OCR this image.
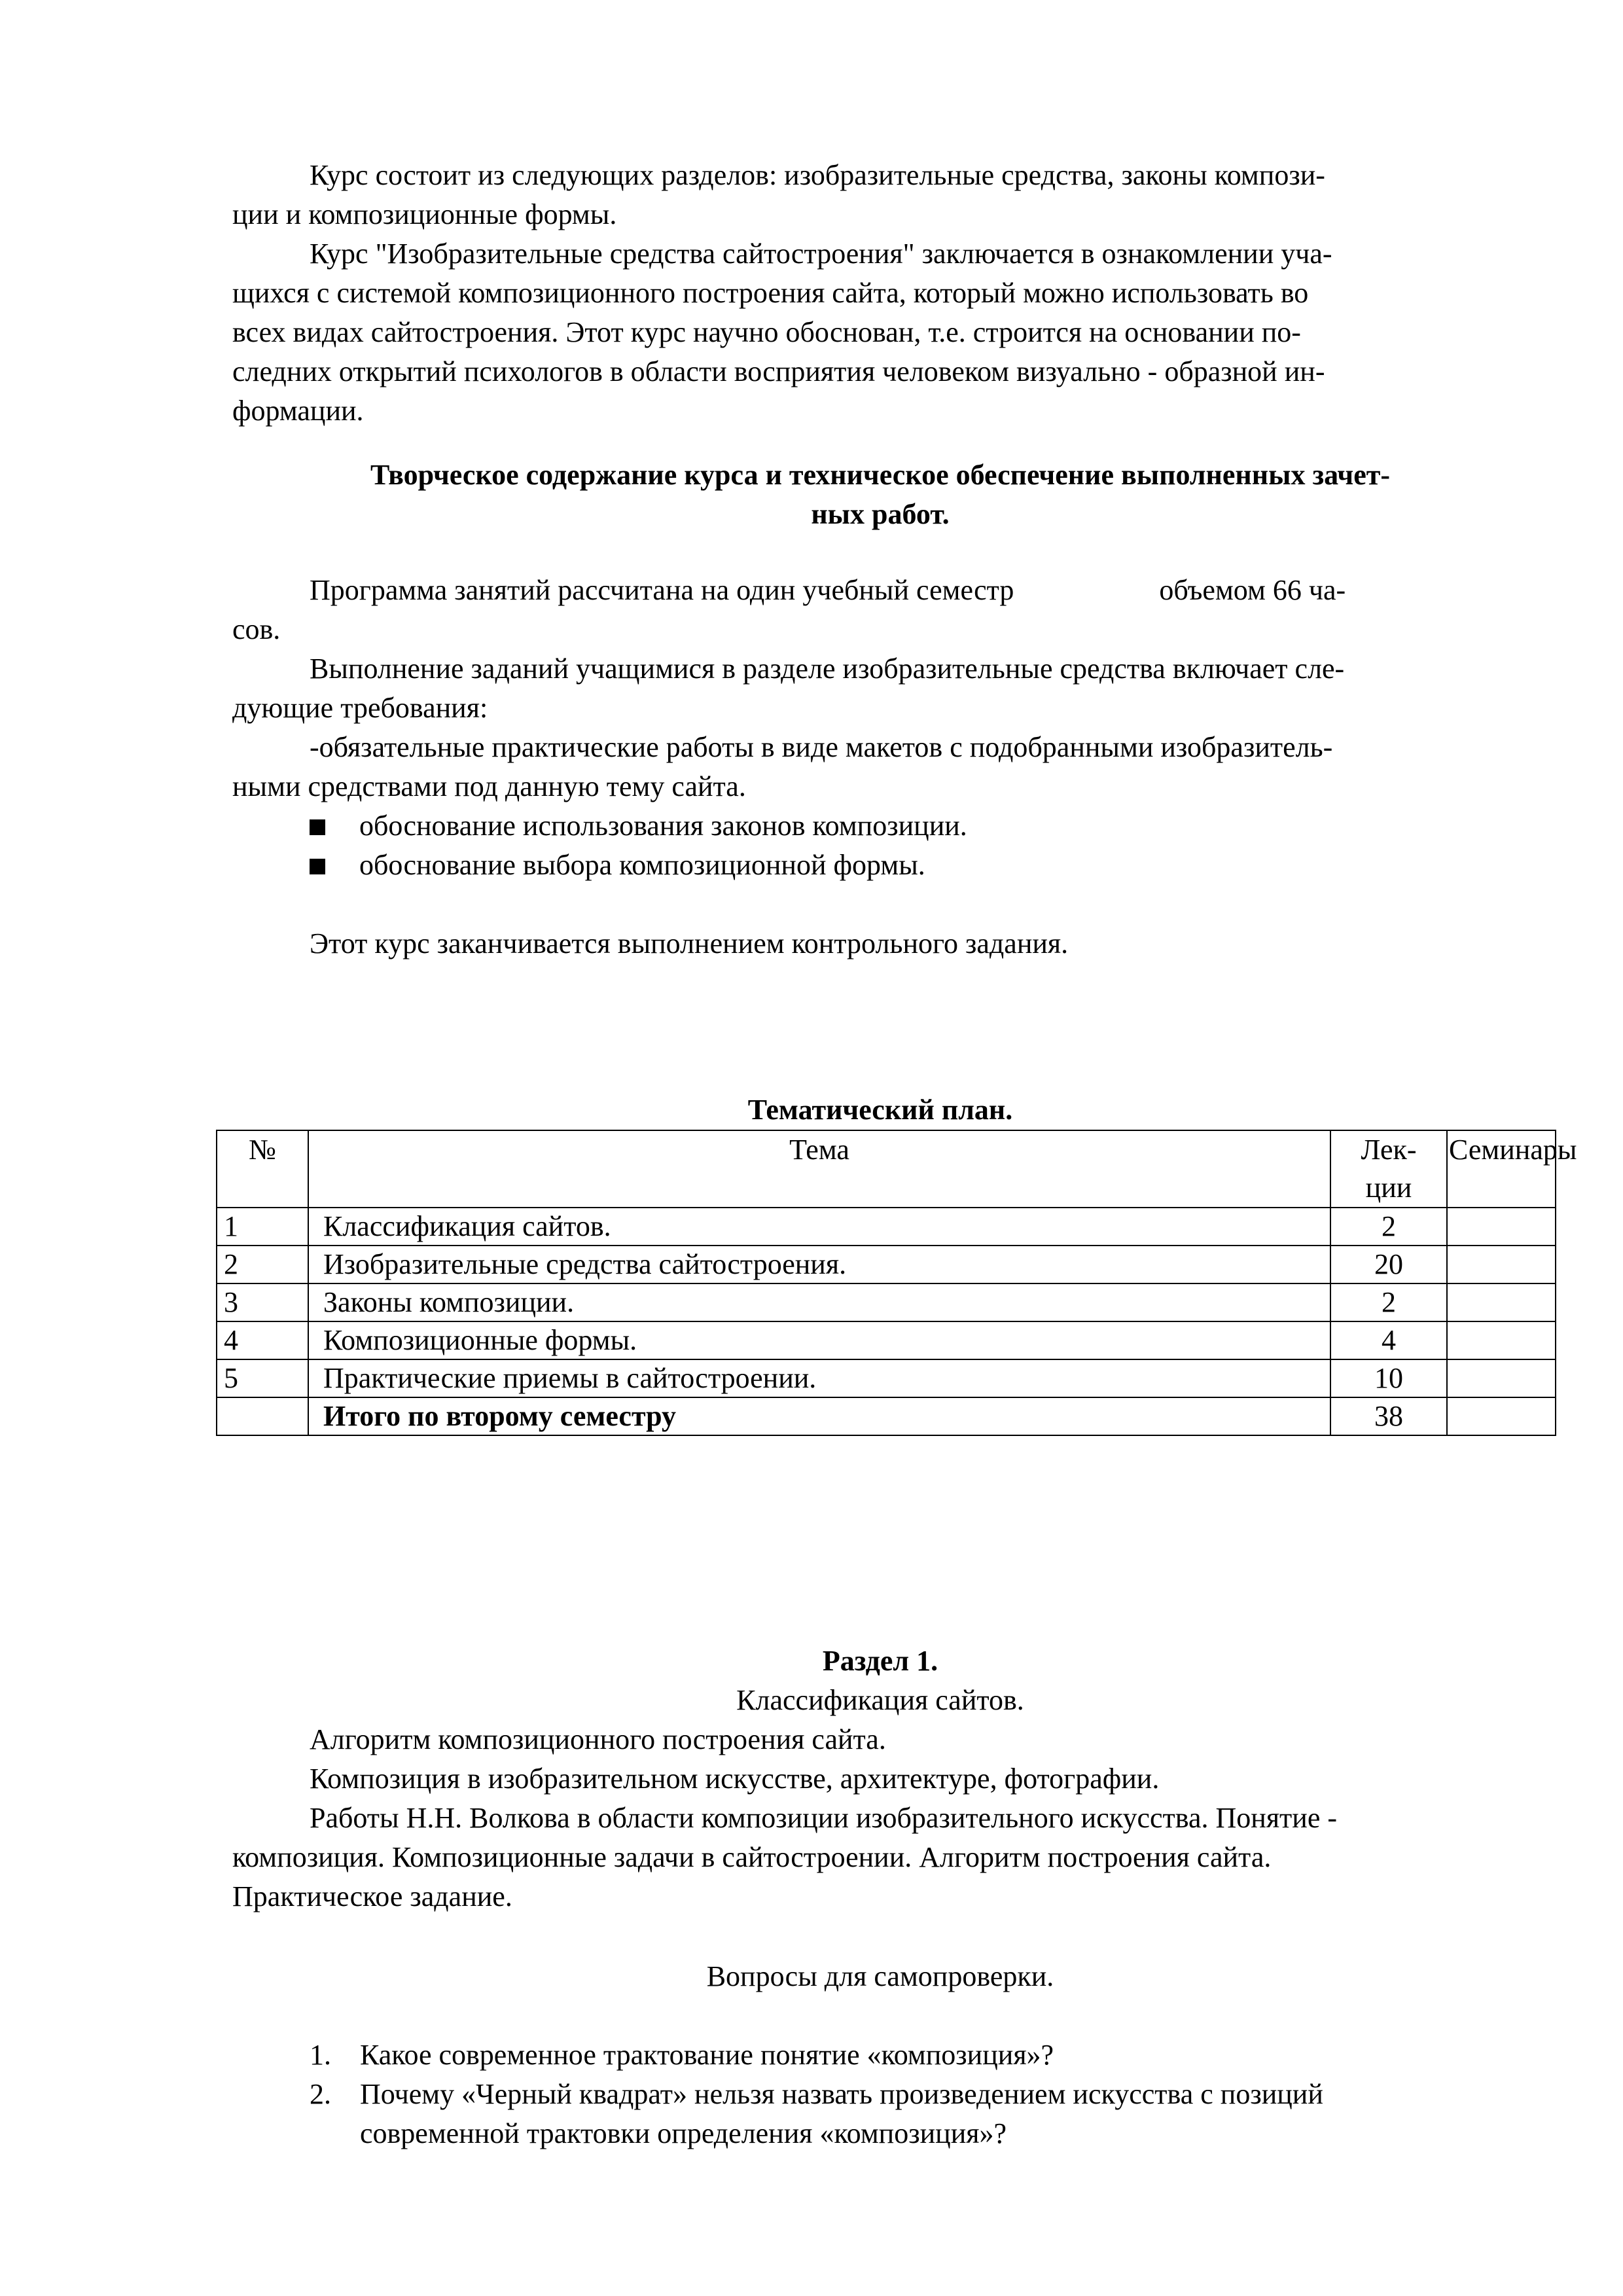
Курс состоит из следующих разделов: изобразительные средства, законы компози-
ции и композиционные формы.

Курс "Изобразительные средства сайтостроения" заключается в ознакомлении уча-
щихся с системой композиционного построения сайта, который можно использовать во
всех видах сайтостроения. Этот курс научно обоснован, т.е. строится на основании по-
следних открытий психологов в области восприятия человеком визуально - образной ин-
формации.

Творческое содержание курса и техническое обеспечение выполненных зачет-
ных работ.

Программа занятий рассчитана на один учебный семестр	объемом 66 ча-
сов.

Выполнение заданий учащимися в разделе изобразительные средства включает сле-
дующие требования:

-обязательные практические работы в виде макетов с подобранными изобразитель-
ными средствами под данную тему сайта.

обоснование использования законов композиции.
обоснование выбора композиционной формы.

Этот курс заканчивается выполнением контрольного задания.

Тематический план.
№	Тема	Лек-
ции	Семинары
1	Классификация сайтов.	2	
2	Изобразительные средства сайтостроения.	20	
3	Законы композиции.	2	
4	Композиционные формы.	4	
5	Практические приемы в сайтостроении.	10	
	Итого по второму семестру	38	
Раздел 1.
Классификация сайтов.

Алгоритм композиционного построения сайта.

Композиция в изобразительном искусстве, архитектуре, фотографии.

Работы Н.Н. Волкова в области композиции изобразительного искусства. Понятие -
композиция. Композиционные задачи в сайтостроении. Алгоритм построения сайта.
Практическое задание.

Вопросы для самопроверки.
1. Какое современное трактование понятие «композиция»?
2. Почему «Черный квадрат» нельзя назвать произведением искусства с позиций
современной трактовки определения «композиция»?
